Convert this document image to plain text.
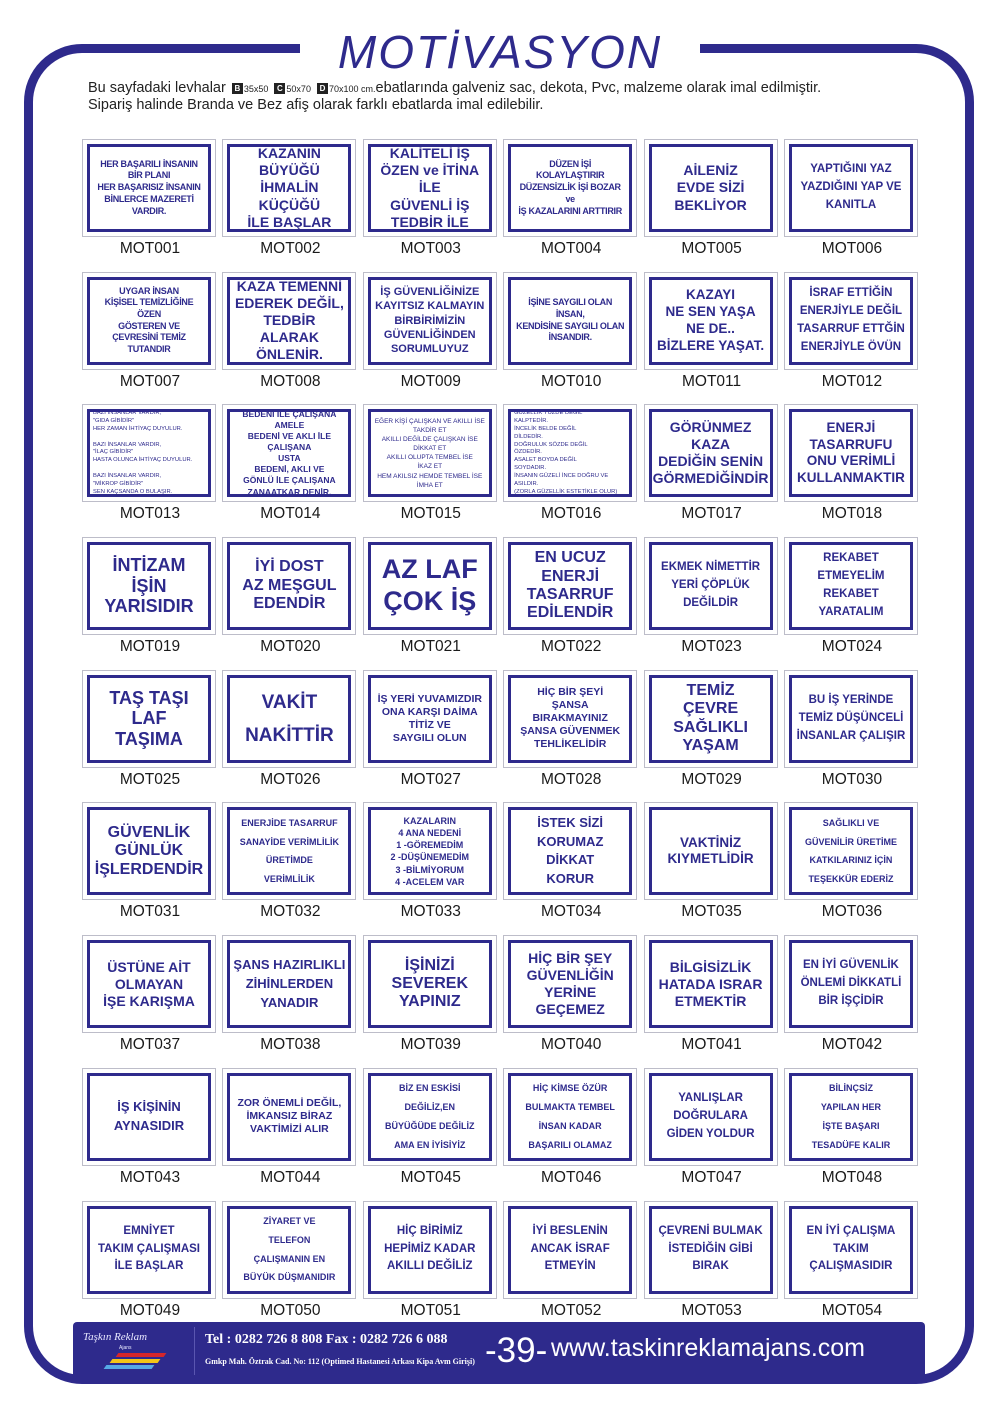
MOTİVASYON
Bu sayfadaki levhalar B 35x50 C 50x70 D 70x100 cm.ebatlarında galveniz sac, dekota, Pvc, malzeme olarak imal edilmiştir.
Sipariş halinde Branda ve Bez afiş olarak farklı ebatlarda imal edilebilir.
HER BAŞARILI İNSANIN
BİR PLANI
HER BAŞARISIZ İNSANIN
BİNLERCE MAZERETİ VARDIR.
MOT001
KAZANIN BÜYÜĞÜ
İHMALİN KÜÇÜĞÜ
İLE BAŞLAR
MOT002
KALİTELİ İŞ
ÖZEN ve İTİNA İLE
GÜVENLİ İŞ
TEDBİR İLE
MOT003
DÜZEN İŞİ KOLAYLAŞTIRIR
DÜZENSİZLİK İŞİ BOZAR
ve
İŞ KAZALARINI ARTTIRIR
MOT004
AİLENİZ
EVDE SİZİ
BEKLİYOR
MOT005
YAPTIĞINI YAZ
YAZDIĞINI YAP VE
KANITLA
MOT006
UYGAR İNSAN
KİŞİSEL TEMİZLİĞİNE ÖZEN
GÖSTEREN VE
ÇEVRESİNİ TEMİZ TUTANDIR
MOT007
KAZA TEMENNİ
EDEREK DEĞİL,
TEDBİR ALARAK
ÖNLENİR.
MOT008
İŞ GÜVENLİĞİNİZE
KAYITSIZ KALMAYIN
BİRBİRİMİZİN
GÜVENLİĞİNDEN
SORUMLUYUZ
MOT009
İŞİNE SAYGILI OLAN
İNSAN,
KENDİSİNE SAYGILI OLAN
İNSANDIR.
MOT010
KAZAYI
NE SEN YAŞA
NE DE..
BİZLERE YAŞAT.
MOT011
İSRAF ETTİĞİN
ENERJİYLE DEĞİL
TASARRUF ETTĞİN
ENERJİYLE ÖVÜN
MOT012
BAZI İNSANLAR VARDIR,
"GIDA GİBİDİR"
HER ZAMAN İHTİYAÇ DUYULUR.

BAZI İNSANLAR VARDIR,
"İLAÇ GİBİDİR"
HASTA OLUNCA İHTİYAÇ DUYULUR.

BAZI İNSANLAR VARDIR,
"MİKROP GİBİDİR"
SEN KAÇSANDA O BULAŞIR.
MOT013
BEDENİ İLE ÇALIŞANA
AMELE
BEDENİ VE AKLI İLE ÇALIŞANA
USTA
BEDENİ, AKLI VE
GÖNLÜ İLE ÇALIŞANA
ZANAATKAR DENİR.
MOT014
EĞER KİŞİ ÇALIŞKAN VE AKILLI İSE
TAKDİR ET
AKILLI DEĞİLDE ÇALIŞKAN İSE
DİKKAT ET
AKILLI OLUPTA TEMBEL İSE
İKAZ ET
HEM AKILSIZ HEMDE TEMBEL İSE
İMHA ET
MOT015
GÜZELLİK YÜZDE DEĞİL
KALPTEDİR.
İNCELİK BELDE DEĞİL
DİLDEDİR.
DOĞRULUK SÖZDE DEĞİL
ÖZDEDİR.
ASALET BOYDA DEĞİL
SOYDADIR.
İNSANIN GÜZELİ İNCE DOĞRU VE ASILDIR.
(ZORLA GÜZELLİK ESTETİKLE OLUR)
MOT016
GÖRÜNMEZ KAZA
DEDİĞİN SENİN
GÖRMEDİĞİNDİR
MOT017
ENERJİ
TASARRUFU
ONU VERİMLİ
KULLANMAKTIR
MOT018
İNTİZAM
İŞİN
YARISIDIR
MOT019
İYİ DOST
AZ MEŞGUL
EDENDİR
MOT020
AZ LAF
ÇOK İŞ
MOT021
EN UCUZ
ENERJİ
TASARRUF
EDİLENDİR
MOT022
EKMEK NİMETTİR
YERİ ÇÖPLÜK
DEĞİLDİR
MOT023
REKABET
ETMEYELİM
REKABET
YARATALIM
MOT024
TAŞ TAŞI
LAF
TAŞIMA
MOT025
VAKİT
NAKİTTİR
MOT026
İŞ YERİ YUVAMIZDIR
ONA KARŞI DAİMA
TİTİZ VE
SAYGILI OLUN
MOT027
HİÇ BİR ŞEYİ
ŞANSA
BIRAKMAYINIZ
ŞANSA GÜVENMEK
TEHLİKELİDİR
MOT028
TEMİZ
ÇEVRE
SAĞLIKLI
YAŞAM
MOT029
BU İŞ YERİNDE
TEMİZ DÜŞÜNCELİ
İNSANLAR ÇALIŞIR
MOT030
GÜVENLİK
GÜNLÜK
İŞLERDENDİR
MOT031
ENERJİDE TASARRUF
SANAYİDE VERİMLİLİK
ÜRETİMDE
VERİMLİLİK
MOT032
KAZALARIN
4 ANA NEDENİ
1 -GÖREMEDİM
2 -DÜŞÜNEMEDİM
3 -BİLMİYORUM
4 -ACELEM VAR
MOT033
İSTEK SİZİ
KORUMAZ
DİKKAT
KORUR
MOT034
VAKTİNİZ
KIYMETLİDİR
MOT035
SAĞLIKLI VE
GÜVENİLİR ÜRETİME
KATKILARINIZ İÇİN
TEŞEKKÜR EDERİZ
MOT036
ÜSTÜNE AİT
OLMAYAN
İŞE KARIŞMA
MOT037
ŞANS HAZIRLIKLI
ZİHİNLERDEN
YANADIR
MOT038
İŞİNİZİ
SEVEREK
YAPINIZ
MOT039
HİÇ BİR ŞEY
GÜVENLİĞİN
YERİNE
GEÇEMEZ
MOT040
BİLGİSİZLİK
HATADA ISRAR
ETMEKTİR
MOT041
EN İYİ GÜVENLİK
ÖNLEMİ DİKKATLİ
BİR İŞÇİDİR
MOT042
İŞ KİŞİNİN
AYNASIDIR
MOT043
ZOR ÖNEMLİ DEĞİL,
İMKANSIZ BİRAZ
VAKTİMİZİ ALIR
MOT044
BİZ EN ESKİSİ
DEĞİLİZ,EN
BÜYÜĞÜDE DEĞİLİZ
AMA EN İYİSİYİZ
MOT045
HİÇ KİMSE ÖZÜR
BULMAKTA TEMBEL
İNSAN KADAR
BAŞARILI OLAMAZ
MOT046
YANLIŞLAR
DOĞRULARA
GİDEN YOLDUR
MOT047
BİLİNÇSİZ
YAPILAN HER
İŞTE BAŞARI
TESADÜFE KALIR
MOT048
EMNİYET
TAKIM ÇALIŞMASI
İLE BAŞLAR
MOT049
ZİYARET VE
TELEFON
ÇALIŞMANIN EN
BÜYÜK DÜŞMANIDIR
MOT050
HİÇ BİRİMİZ
HEPİMİZ KADAR
AKILLI DEĞİLİZ
MOT051
İYİ BESLENİN
ANCAK İSRAF
ETMEYİN
MOT052
ÇEVRENİ BULMAK
İSTEDİĞİN GİBİ
BIRAK
MOT053
EN İYİ ÇALIŞMA
TAKIM
ÇALIŞMASIDIR
MOT054
Taşkın Reklam
Ajans
Tel : 0282 726 8 808 Fax : 0282 726 6 088
Gmkp Mah. Öztrak Cad. No: 112 (Optimed Hastanesi Arkası Kipa Avm Girişi) -39- www.taskinreklamajans.com
